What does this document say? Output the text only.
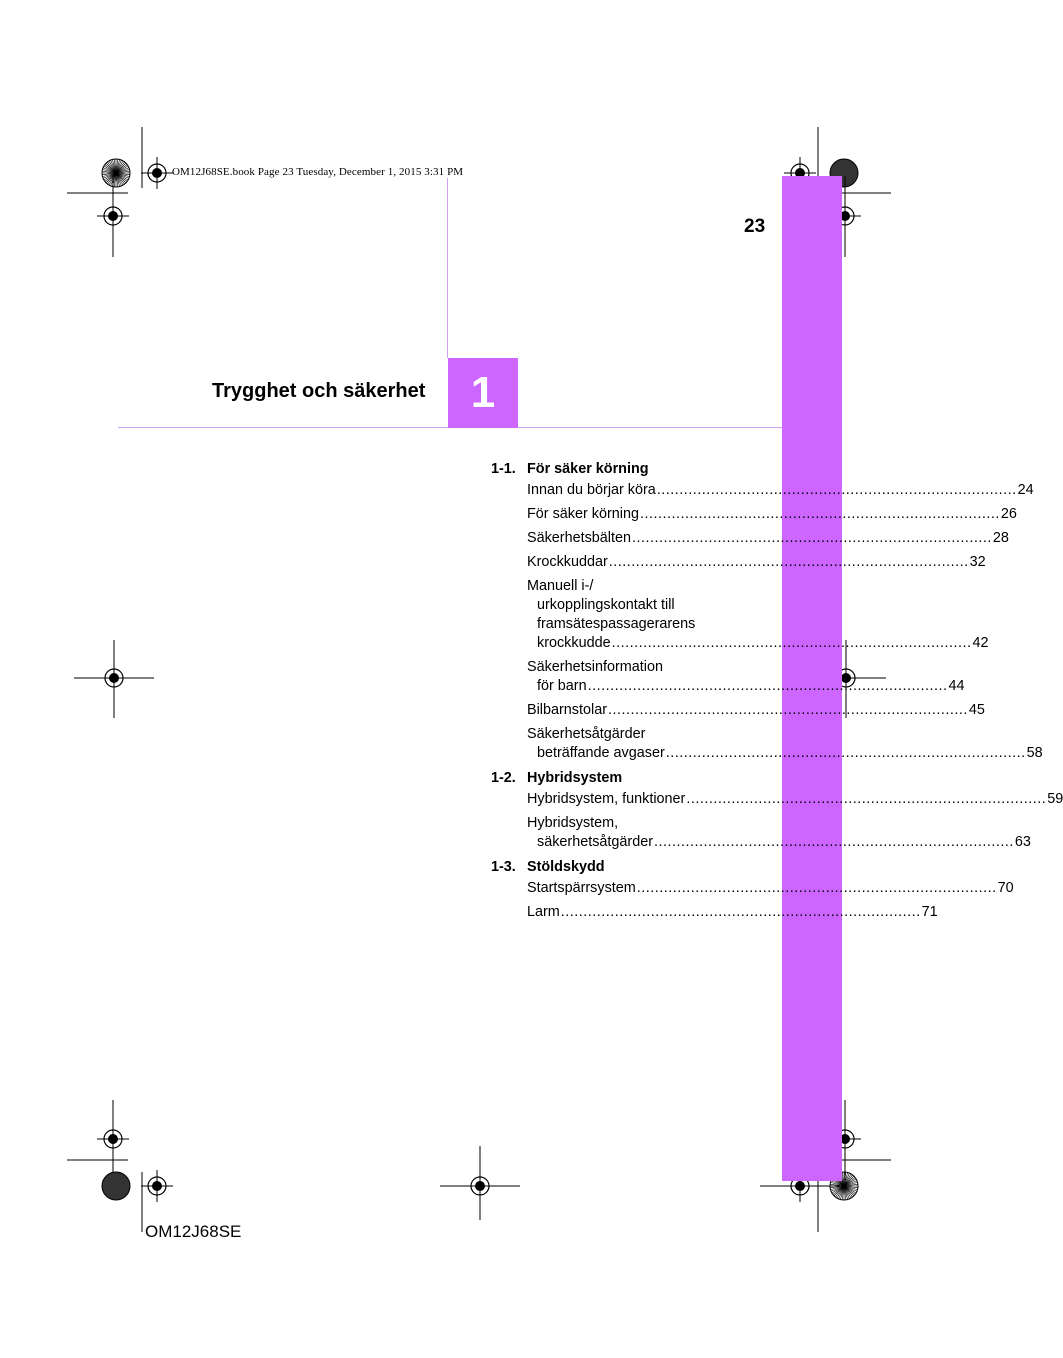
OM12J68SE.book Page 23 Tuesday, December 1, 2015 3:31 PM
23
1
Trygghet och säkerhet
1-1. För säker körning
Innan du börjar köra ................................................................................ 24
För säker körning ................................................................................ 26
Säkerhetsbälten ................................................................................ 28
Krockkuddar ................................................................................ 32
Manuell i-/
urkopplingskontakt till
framsätespassagerarens
krockkudde ................................................................................ 42
Säkerhetsinformation
för barn ................................................................................ 44
Bilbarnstolar ................................................................................ 45
Säkerhetsåtgärder
beträffande avgaser ................................................................................ 58
1-2. Hybridsystem
Hybridsystem, funktioner ................................................................................ 59
Hybridsystem,
säkerhetsåtgärder ................................................................................ 63
1-3. Stöldskydd
Startspärrsystem ................................................................................ 70
Larm ................................................................................ 71
OM12J68SE
